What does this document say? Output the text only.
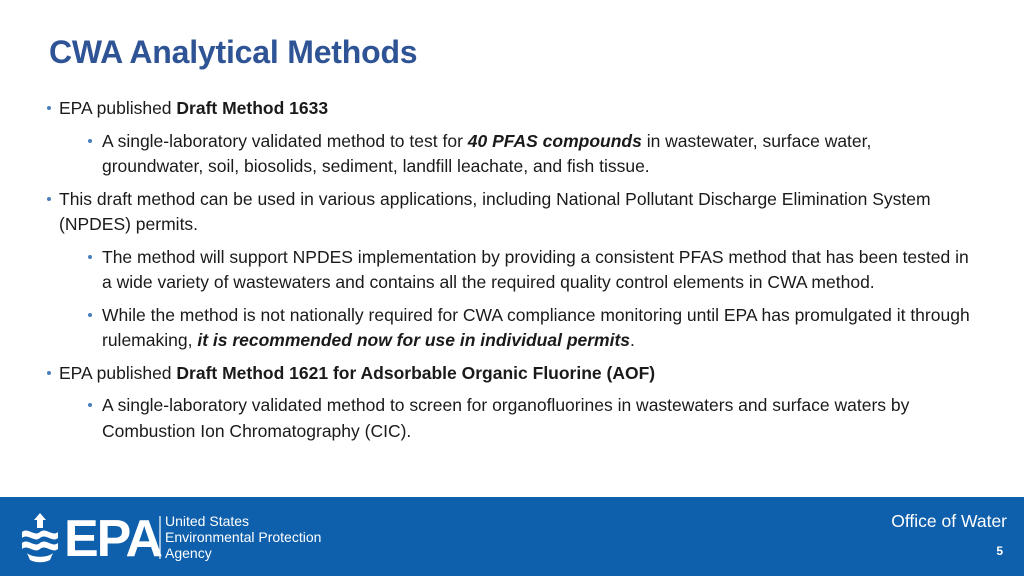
CWA Analytical Methods
EPA published Draft Method 1633
A single-laboratory validated method to test for 40 PFAS compounds in wastewater, surface water, groundwater, soil, biosolids, sediment, landfill leachate, and fish tissue.
This draft method can be used in various applications, including National Pollutant Discharge Elimination System (NPDES) permits.
The method will support NPDES implementation by providing a consistent PFAS method that has been tested in a wide variety of wastewaters and contains all the required quality control elements in CWA method.
While the method is not nationally required for CWA compliance monitoring until EPA has promulgated it through rulemaking, it is recommended now for use in individual permits.
EPA published Draft Method 1621 for Adsorbable Organic Fluorine (AOF)
A single-laboratory validated method to screen for organofluorines in wastewaters and surface waters by Combustion Ion Chromatography (CIC).
EPA United States
Environmental Protection
Agency

Office of Water

5
